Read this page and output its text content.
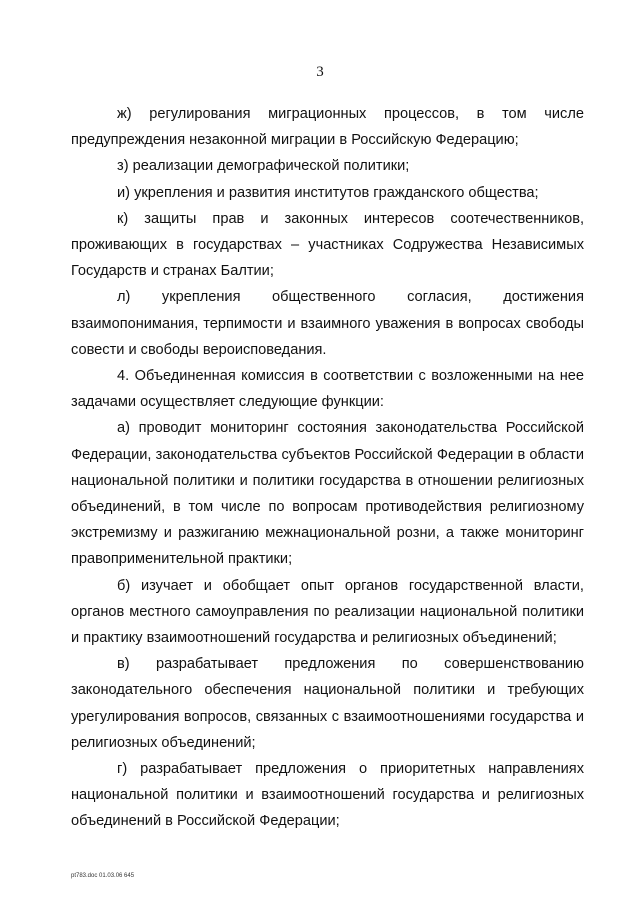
3

ж) регулирования миграционных процессов, в том числе предупреждения незаконной миграции в Российскую Федерацию;

з) реализации демографической политики;

и) укрепления и развития институтов гражданского общества;

к) защиты прав и законных интересов соотечественников, проживающих в государствах – участниках Содружества Независимых Государств и странах Балтии;

л) укрепления общественного согласия, достижения взаимопонимания, терпимости и взаимного уважения в вопросах свободы совести и свободы вероисповедания.

4. Объединенная комиссия в соответствии с возложенными на нее задачами осуществляет следующие функции:

а) проводит мониторинг состояния законодательства Российской Федерации, законодательства субъектов Российской Федерации в области национальной политики и политики государства в отношении религиозных объединений, в том числе по вопросам противодействия религиозному экстремизму и разжиганию межнациональной розни, а также мониторинг правоприменительной практики;

б) изучает и обобщает опыт органов государственной власти, органов местного самоуправления по реализации национальной политики и практику взаимоотношений государства и религиозных объединений;

в) разрабатывает предложения по совершенствованию законодательного обеспечения национальной политики и требующих урегулирования вопросов, связанных с взаимоотношениями государства и религиозных объединений;

г) разрабатывает предложения о приоритетных направлениях национальной политики и взаимоотношений государства и религиозных объединений в Российской Федерации;

pt783.doc 01.03.06 645
